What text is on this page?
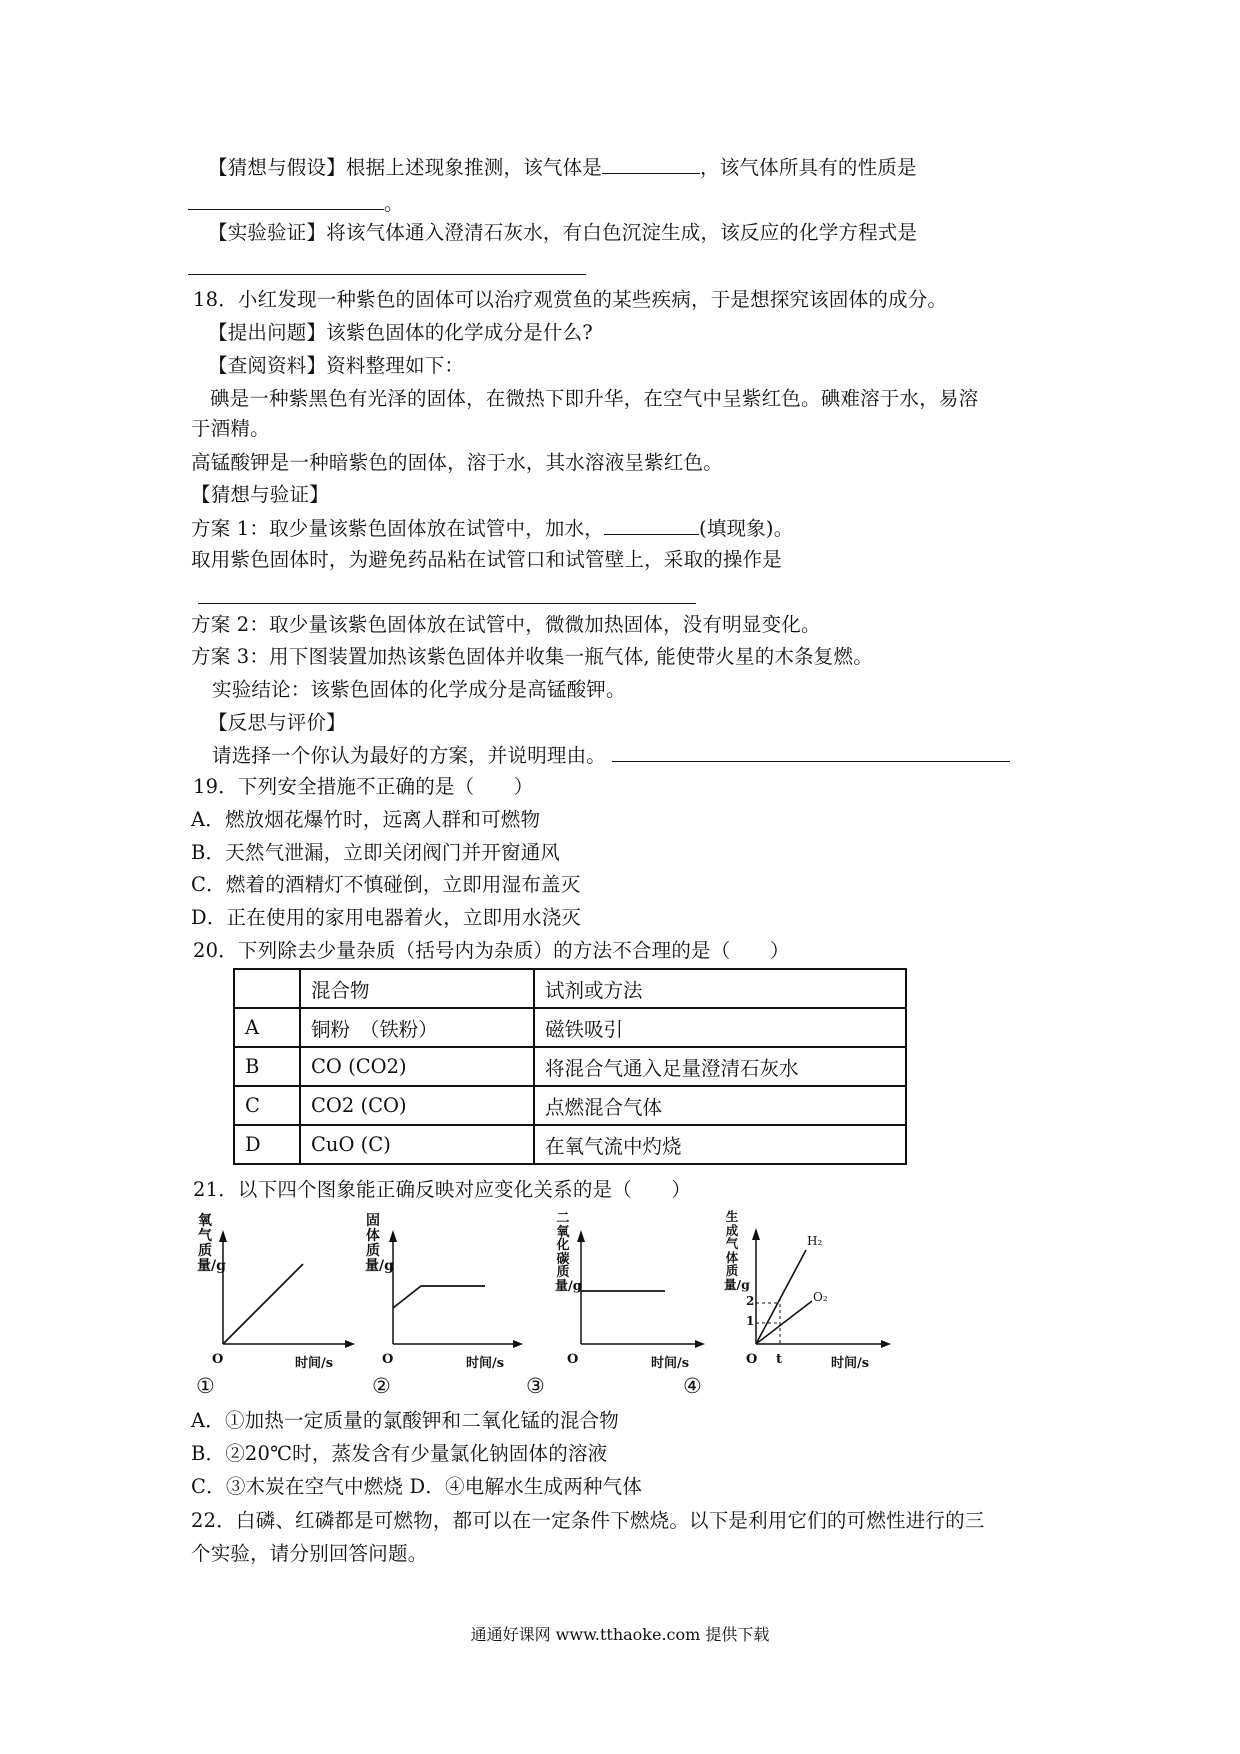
【猜想与假设】根据上述现象推测，该气体是	，该气体所具有的性质是
。
【实验验证】将该气体通入澄清石灰水，有白色沉淀生成，该反应的化学方程式是
18．小红发现一种紫色的固体可以治疗观赏鱼的某些疾病，于是想探究该固体的成分。
【提出问题】该紫色固体的化学成分是什么?
【查阅资料】资料整理如下：
碘是一种紫黑色有光泽的固体，在微热下即升华，在空气中呈紫红色。碘难溶于水，易溶
于酒精。
高锰酸钾是一种暗紫色的固体，溶于水，其水溶液呈紫红色。
【猜想与验证】
方案 1：取少量该紫色固体放在试管中，加水，	(填现象)。
取用紫色固体时，为避免药品粘在试管口和试管壁上，采取的操作是
方案 2：取少量该紫色固体放在试管中，微微加热固体，没有明显变化。
方案 3：用下图装置加热该紫色固体并收集一瓶气体, 能使带火星的木条复燃。
实验结论：该紫色固体的化学成分是高锰酸钾。
【反思与评价】
请选择一个你认为最好的方案，并说明理由。
19．下列安全措施不正确的是（　　）
A．燃放烟花爆竹时，远离人群和可燃物
B．天然气泄漏，立即关闭阀门并开窗通风
C．燃着的酒精灯不慎碰倒，立即用湿布盖灭
D．正在使用的家用电器着火，立即用水浇灭
20．下列除去少量杂质（括号内为杂质）的方法不合理的是（　　）
	混合物	试剂或方法
A	铜粉　（铁粉）	磁铁吸引
B	CO (CO2)	将混合气通入足量澄清石灰水
C	CO2 (CO)	点燃混合气体
D	CuO (C)	在氧气流中灼烧
21．以下四个图象能正确反映对应变化关系的是（　　）
氧气质量/g
O	时间/s
①
固体质量/g
O	时间/s
②
二氧化碳质量/g
O	时间/s
③
生成气体质量/g
2
1
H₂
O₂
O t	时间/s
④
A．①加热一定质量的氯酸钾和二氧化锰的混合物
B．②20℃时，蒸发含有少量氯化钠固体的溶液
C．③木炭在空气中燃烧 D．④电解水生成两种气体
22．白磷、红磷都是可燃物，都可以在一定条件下燃烧。以下是利用它们的可燃性进行的三
个实验，请分别回答问题。
通通好课网 www.tthaoke.com 提供下载
